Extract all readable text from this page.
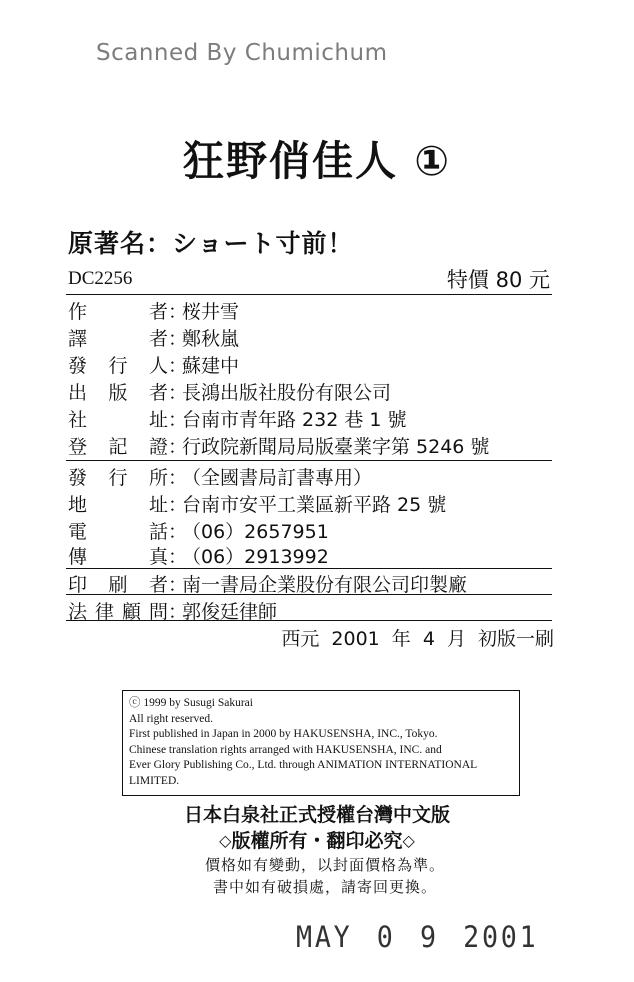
Scanned By Chumichum
狂野俏佳人 ①
原著名：ショート寸前！
DC2256	特價 80 元
作者 ：
桜井雪
譯者 ：
鄭秋嵐
發行人 ：
蘇建中
出版者 ：
長鴻出版社股份有限公司
社址 ：
台南市青年路 232 巷 1 號
登記證 ：
行政院新聞局局版臺業字第 5246 號
發行所 ：
（全國書局訂書專用）
地址 ：
台南市安平工業區新平路 25 號
電話 ：
（06）2657951
傳真 ：
（06）2913992
印刷者 ：
南一書局企業股份有限公司印製廠
法律顧問 ：
郭俊廷律師
西元 2001 年 4 月 初版一刷
ⓒ 1999 by Susugi Sakurai
All right reserved.
First published in Japan in 2000 by HAKUSENSHA, INC., Tokyo.
Chinese translation rights arranged with HAKUSENSHA, INC. and
Ever Glory Publishing Co., Ltd. through ANIMATION INTERNATIONAL
LIMITED.
日本白泉社正式授權台灣中文版
◇版權所有・翻印必究◇
價格如有變動，以封面價格為準。
書中如有破損處，請寄回更換。
MAY 0 9 2001
